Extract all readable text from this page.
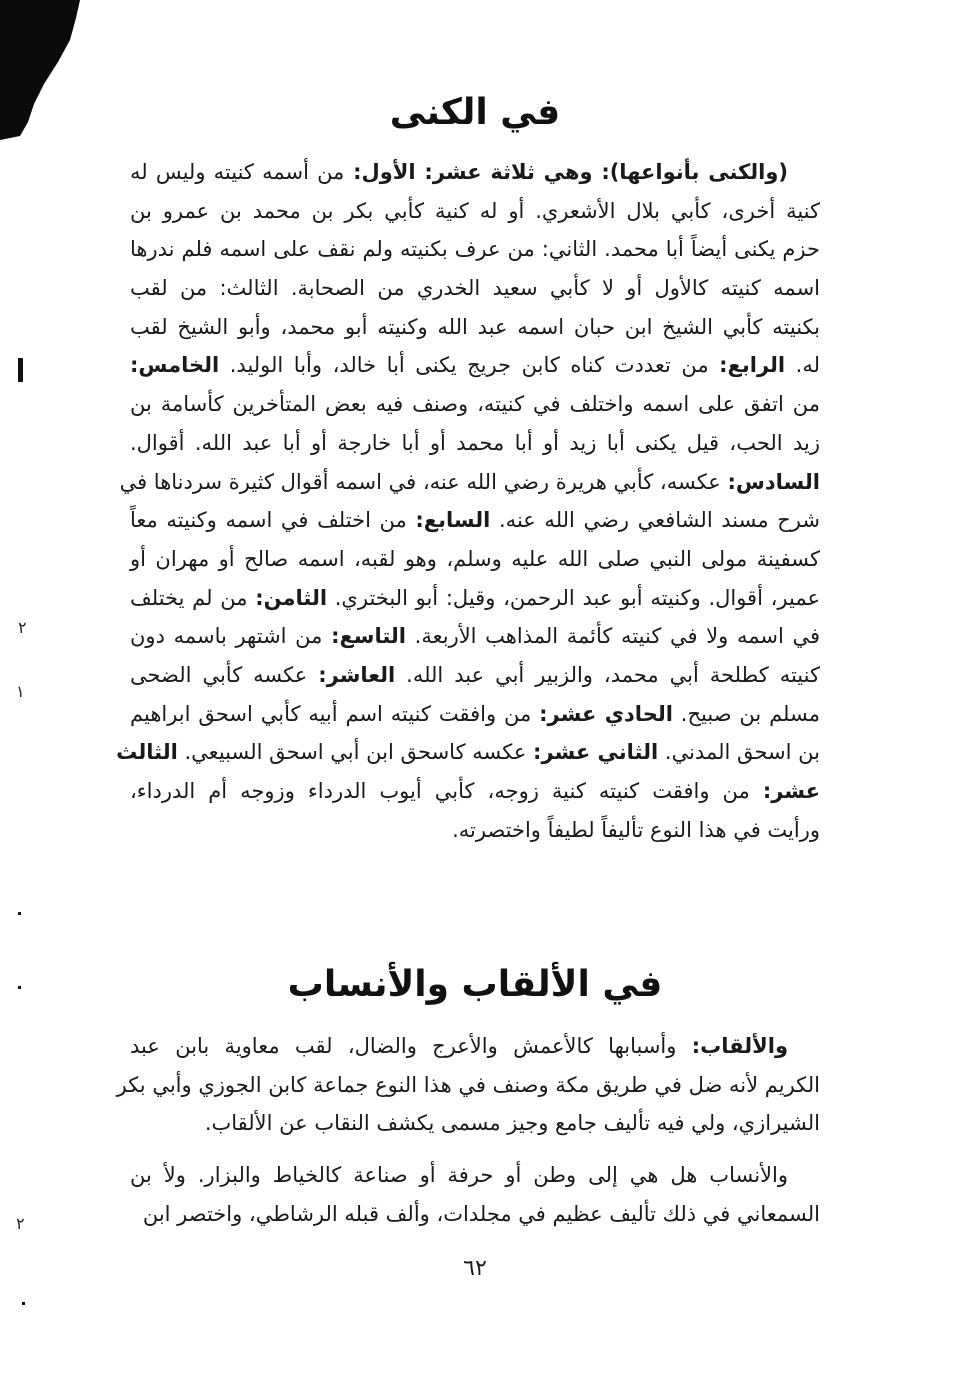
٢
١
٢
في الكنى
(والكنى بأنواعها): وهي ثلاثة عشر: الأول: من أسمه كنيته وليس له
كنية أخرى، كأبي بلال الأشعري. أو له كنية كأبي بكر بن محمد بن عمرو بن
حزم يكنى أيضاً أبا محمد. الثاني: من عرف بكنيته ولم نقف على اسمه فلم ندرها
اسمه كنيته كالأول أو لا كأبي سعيد الخدري من الصحابة. الثالث: من لقب
بكنيته كأبي الشيخ ابن حبان اسمه عبد الله وكنيته أبو محمد، وأبو الشيخ لقب
له. الرابع: من تعددت كناه كابن جريج يكنى أبا خالد، وأبا الوليد. الخامس:
من اتفق على اسمه واختلف في كنيته، وصنف فيه بعض المتأخرين كأسامة بن
زيد الحب، قيل يكنى أبا زيد أو أبا محمد أو أبا خارجة أو أبا عبد الله. أقوال.
السادس: عكسه، كأبي هريرة رضي الله عنه، في اسمه أقوال كثيرة سردناها في
شرح مسند الشافعي رضي الله عنه. السابع: من اختلف في اسمه وكنيته معاً
كسفينة مولى النبي صلى الله عليه وسلم، وهو لقبه، اسمه صالح أو مهران أو
عمير، أقوال. وكنيته أبو عبد الرحمن، وقيل: أبو البختري. الثامن: من لم يختلف
في اسمه ولا في كنيته كأئمة المذاهب الأربعة. التاسع: من اشتهر باسمه دون
كنيته كطلحة أبي محمد، والزبير أبي عبد الله. العاشر: عكسه كأبي الضحى
مسلم بن صبيح. الحادي عشر: من وافقت كنيته اسم أبيه كأبي اسحق ابراهيم
بن اسحق المدني. الثاني عشر: عكسه كاسحق ابن أبي اسحق السبيعي. الثالث
عشر: من وافقت كنيته كنية زوجه، كأبي أيوب الدرداء وزوجه أم الدرداء،
ورأيت في هذا النوع تأليفاً لطيفاً واختصرته.
في الألقاب والأنساب
والألقاب: وأسبابها كالأعمش والأعرج والضال، لقب معاوية بابن عبد
الكريم لأنه ضل في طريق مكة وصنف في هذا النوع جماعة كابن الجوزي وأبي بكر
الشيرازي، ولي فيه تأليف جامع وجيز مسمى يكشف النقاب عن الألقاب.
والأنساب هل هي إلى وطن أو حرفة أو صناعة كالخياط والبزار. ولأ بن
السمعاني في ذلك تأليف عظيم في مجلدات، وألف قبله الرشاطي، واختصر ابن
٦٢
